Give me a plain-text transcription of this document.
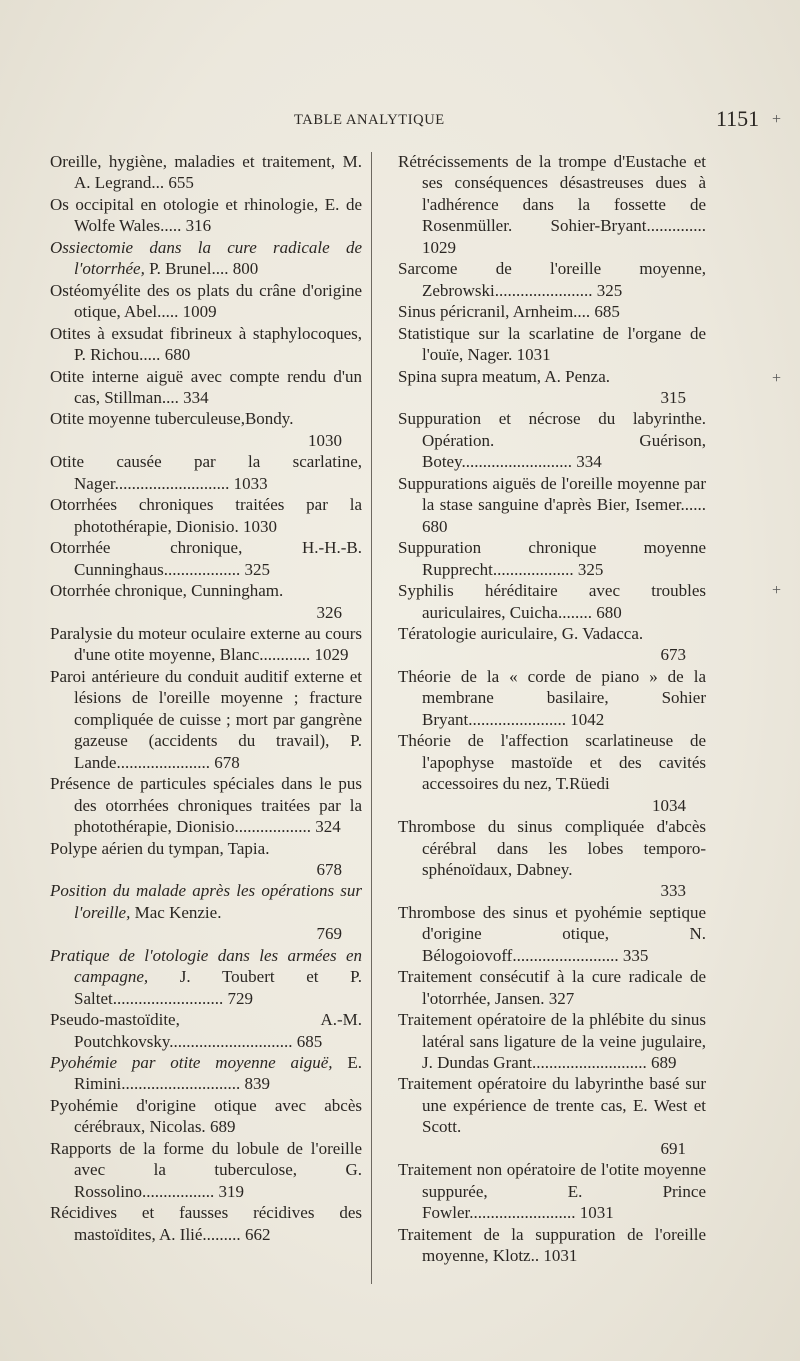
TABLE ANALYTIQUE	1151
Oreille, hygiène, maladies et traitement, M. A. Legrand... 655
Os occipital en otologie et rhinologie, E. de Wolfe Wales..... 316
Ossiectomie dans la cure radicale de l'otorrhée, P. Brunel.... 800
Ostéomyélite des os plats du crâne d'origine otique, Abel..... 1009
Otites à exsudat fibrineux à staphylocoques, P. Richou..... 680
Otite interne aiguë avec compte rendu d'un cas, Stillman.... 334
Otite moyenne tuberculeuse,Bondy.
1030
Otite causée par la scarlatine, Nager........................... 1033
Otorrhées chroniques traitées par la photothérapie, Dionisio. 1030
Otorrhée chronique, H.-H.-B. Cunninghaus.................. 325
Otorrhée chronique, Cunningham.
326
Paralysie du moteur oculaire externe au cours d'une otite moyenne, Blanc............ 1029
Paroi antérieure du conduit auditif externe et lésions de l'oreille moyenne ; fracture compliquée de cuisse ; mort par gangrène gazeuse (accidents du travail), P. Lande...................... 678
Présence de particules spéciales dans le pus des otorrhées chroniques traitées par la photothérapie, Dionisio.................. 324
Polype aérien du tympan, Tapia.
678
Position du malade après les opérations sur l'oreille, Mac Kenzie.
769
Pratique de l'otologie dans les armées en campagne, J. Toubert et P. Saltet.......................... 729
Pseudo-mastoïdite, A.-M. Poutchkovsky............................. 685
Pyohémie par otite moyenne aiguë, E. Rimini............................ 839
Pyohémie d'origine otique avec abcès cérébraux, Nicolas. 689
Rapports de la forme du lobule de l'oreille avec la tuberculose, G. Rossolino................. 319
Récidives et fausses récidives des mastoïdites, A. Ilié......... 662
Rétrécissements de la trompe d'Eustache et ses conséquences désastreuses dues à l'adhérence dans la fossette de Rosenmüller. Sohier-Bryant.............. 1029
Sarcome de l'oreille moyenne, Zebrowski....................... 325
Sinus péricranil, Arnheim.... 685
Statistique sur la scarlatine de l'organe de l'ouïe, Nager. 1031
Spina supra meatum, A. Penza.
315
Suppuration et nécrose du labyrinthe. Opération. Guérison, Botey.......................... 334
Suppurations aiguës de l'oreille moyenne par la stase sanguine d'après Bier, Isemer...... 680
Suppuration chronique moyenne Rupprecht................... 325
Syphilis héréditaire avec troubles auriculaires, Cuicha........ 680
Tératologie auriculaire, G. Vadacca.
673
Théorie de la « corde de piano » de la membrane basilaire, Sohier Bryant....................... 1042
Théorie de l'affection scarlatineuse de l'apophyse mastoïde et des cavités accessoires du nez, T.Rüedi
1034
Thrombose du sinus compliquée d'abcès cérébral dans les lobes temporo-sphénoïdaux, Dabney.
333
Thrombose des sinus et pyohémie septique d'origine otique, N. Bélogoiovoff......................... 335
Traitement consécutif à la cure radicale de l'otorrhée, Jansen. 327
Traitement opératoire de la phlébite du sinus latéral sans ligature de la veine jugulaire, J. Dundas Grant........................... 689
Traitement opératoire du labyrinthe basé sur une expérience de trente cas, E. West et Scott.
691
Traitement non opératoire de l'otite moyenne suppurée, E. Prince Fowler......................... 1031
Traitement de la suppuration de l'oreille moyenne, Klotz.. 1031
+
+
+
